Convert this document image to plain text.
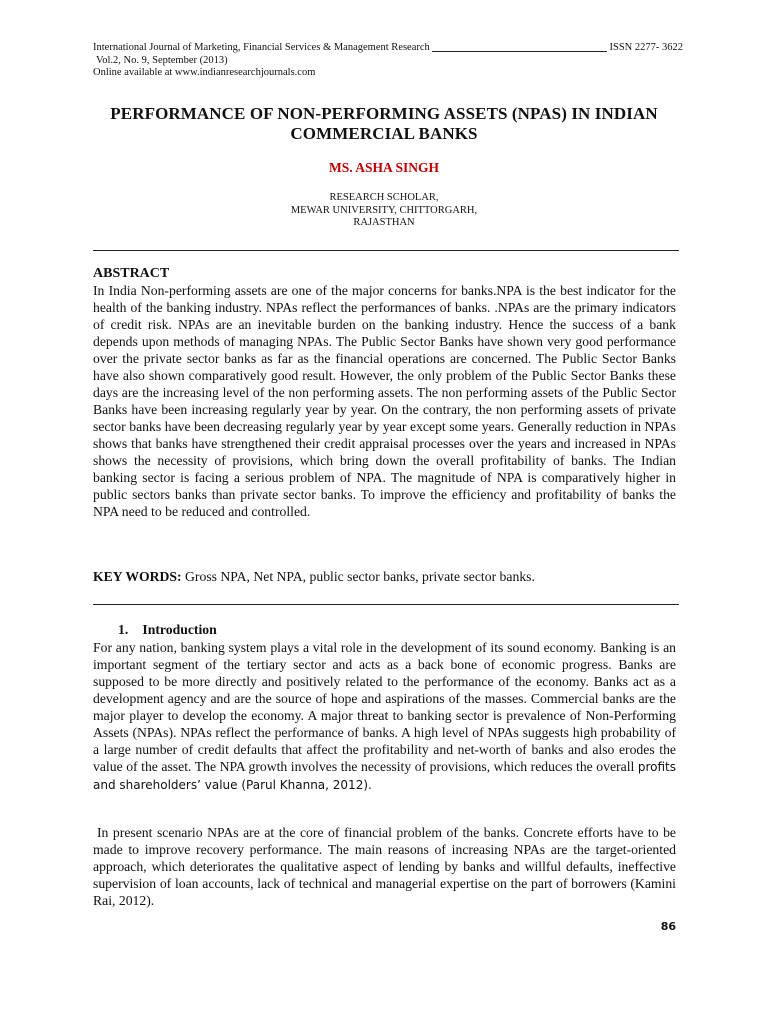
International Journal of Marketing, Financial Services & Management Research	ISSN 2277- 3622
Vol.2, No. 9, September (2013)
Online available at www.indianresearchjournals.com
PERFORMANCE OF NON-PERFORMING ASSETS (NPAS) IN INDIAN COMMERCIAL BANKS
MS. ASHA SINGH
RESEARCH SCHOLAR,
MEWAR UNIVERSITY, CHITTORGARH,
RAJASTHAN
ABSTRACT
In India Non-performing assets are one of the major concerns for banks.NPA is the best indicator for the health of the banking industry. NPAs reflect the performances of banks. .NPAs are the primary indicators of credit risk. NPAs are an inevitable burden on the banking industry. Hence the success of a bank depends upon methods of managing NPAs. The Public Sector Banks have shown very good performance over the private sector banks as far as the financial operations are concerned. The Public Sector Banks have also shown comparatively good result. However, the only problem of the Public Sector Banks these days are the increasing level of the non performing assets. The non performing assets of the Public Sector Banks have been increasing regularly year by year. On the contrary, the non performing assets of private sector banks have been decreasing regularly year by year except some years. Generally reduction in NPAs shows that banks have strengthened their credit appraisal processes over the years and increased in NPAs shows the necessity of provisions, which bring down the overall profitability of banks. The Indian banking sector is facing a serious problem of NPA. The magnitude of NPA is comparatively higher in public sectors banks than private sector banks. To improve the efficiency and profitability of banks the NPA need to be reduced and controlled.
KEY WORDS: Gross NPA, Net NPA, public sector banks, private sector banks.
1. Introduction
For any nation, banking system plays a vital role in the development of its sound economy. Banking is an important segment of the tertiary sector and acts as a back bone of economic progress. Banks are supposed to be more directly and positively related to the performance of the economy. Banks act as a development agency and are the source of hope and aspirations of the masses. Commercial banks are the major player to develop the economy. A major threat to banking sector is prevalence of Non-Performing Assets (NPAs). NPAs reflect the performance of banks. A high level of NPAs suggests high probability of a large number of credit defaults that affect the profitability and net-worth of banks and also erodes the value of the asset. The NPA growth involves the necessity of provisions, which reduces the overall profits and shareholders’ value (Parul Khanna, 2012).
In present scenario NPAs are at the core of financial problem of the banks. Concrete efforts have to be made to improve recovery performance. The main reasons of increasing NPAs are the target-oriented approach, which deteriorates the qualitative aspect of lending by banks and willful defaults, ineffective supervision of loan accounts, lack of technical and managerial expertise on the part of borrowers (Kamini Rai, 2012).
86
